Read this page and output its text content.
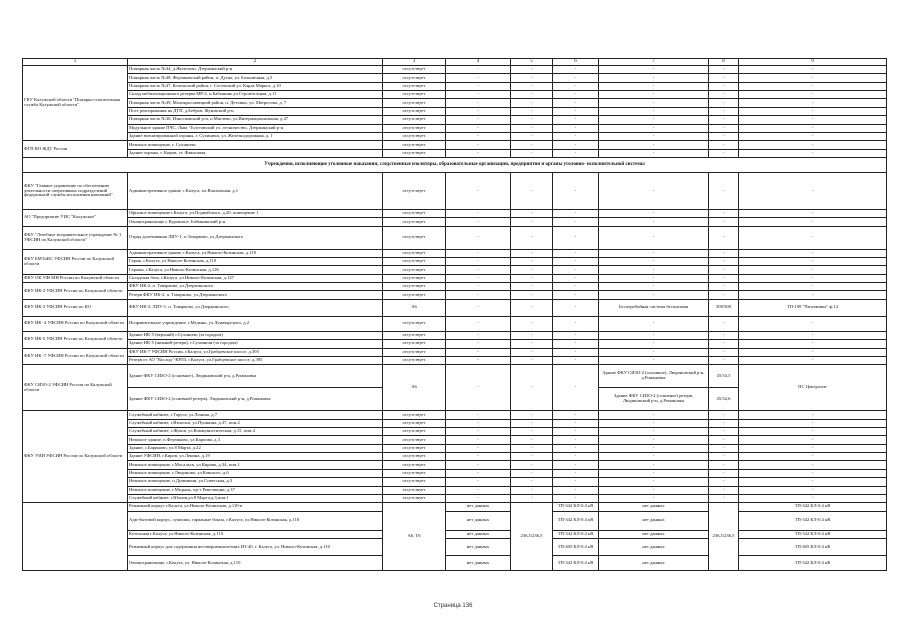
1	2	3	4	5	6	7	8	9
ГКУ Калужской области "Пожарно-спасательная служба Калужской области"	Пожарная часть №44, д.Жилетово, Дзержинский р-н	отсутствует	-	-	-	-	-	-
	Пожарная часть №48, Ферзиковский район, п. Дугна, ул. Больничная, д.5	отсутствует	-	-	-	-	-	-
	Пожарная часть №47, Козельский район, г. Сосенский ул. Карла Маркса, д.10	отсутствует	-	-	-	-	-	-
	Склад мобилизационного резерва МР-2, п.Бабынино,ул.Строительная, д.11	отсутствует	-	-	-	-	-	-
	Пожарная часть №49, Малоярославецкий район, п. Детчино, ул. Матросова, д. 7	отсутствует	-	-	-	-	-	-
	Пост реагирования на ДТП, д.Бебров, Жуковский р-н	отсутствует	-	-	-	-	-	-
	Пожарная часть №36, Износковский р-н, п.Мятлево, ул.Интернациональная, д.47	отсутствует	-	-	-	-	-	-
	Модульное здание ПЧС, Льва -Толстовский ул. лесничество, Дзержинский р-н	отсутствует	-	-	-	-	-	-
	Здание военизированной охраны, г. Сухиничи, ул. Железнодорожная, д. 1	отсутствует	-	-	-	-	-	-
ФГП ВО ЖДТ России	Нежилое помещение, г. Сухиничи	отсутствует	-	-	-	-	-	-
	Здание охраны, г. Киров, ст. Фаянсовая	отсутствует	-	-	-	-	-	-
Учреждения, исполняющие уголовные наказания, следственные изоляторы, образовательные организации, предприятия и органы уголовно- исполнительной системы								
ФКУ "Главное управление по обеспечению деятельности оперативных подразделений федеральной службы исполнения наказаний"	Административное здание, г.Калуга, пл.Вокзальная, д.1	отсутствует	-	-	-	-	-	-
АО "Предприятие УИС "Калужское"	Офисное помещение г.Калуга, ул.Подвойского, д.20, помещение 1	отсутствует	-	-	-	-	-	-
	Овощехранилище с.Куровское, Бабынинский р-н	отсутствует	-	-	-	-	-	-
ФКУ "Лечебное исправительное учреждение № 1 УФСИН по Калужской области"	Отряд долечивания ЛИУ-1, п.Товарково, ул.Дзержинского	отсутствует	-	-	-	-	-	-
ФКУ БМТиВС УФСИН России по Калужской области	Административное здание, г.Калуга, ул.Николо-Козинская, д.110	отсутствует	-	-	-	-	-	-
	Гараж, г.Калуга, ул.Николо-Козинская, д.110	отсутствует	-	-	-	-	-	-
	Гаражи, г.Калуга, ул.Николо-Козинская, д.126	отсутствует	-	-	-	-	-	-
ФКУ ОК УФСИН России по Калужской области	Складская база, г.Калуга, ул.Николо-Козинская, д.127	отсутствует	-	-	-	-	-	-
ФКУ ИК-2 УФСИН России по Калужской области	ФКУ ИК-2, п. Товарково, ул.Дзержинского	отсутствует	-	-	-	-	-	-
	Резерв ФКУ ИК-2, п. Товарково, ул.Дзержинского	отсутствует	-	-	-	-	-	-
ФКУ ИК-3 УФСИН России по КО	ФКУ ИК-3, ЛИУ-1, п. Товарково, ул.Дзержинского	А6	-	-	-	Бесперебойная система бесплатная	500/500	ТП-198 "Питомника" ф.12
ФКУ ИК -4 УФСИН России по Калужской области	Исправительное учреждение, г.Медынь, ул.Луначарского, д.2	отсутствует	-	-	-	-	-	-
ФКУ ИК-5 УФСИН России по Калужской области	Здание ИК-5 (верхний) г.Сухиничи (за городом)	отсутствует	-	-	-	-	-	-
	Здание ИК-5 (нижний-резерв), г.Сухиничи (за городом)	отсутствует	-	-	-	-	-	-
ФКУ ИК -7 УФСИН России по Калужской области	ФКУ ИК-7 УФСИН России, г.Калуга, ул.Грабцевское шоссе, д.395	отсутствует	-	-	-	-	-	-
	Резерв от АО "Восход"-КРЛЗ, г.Калуга, ул.Грабцевское шоссе, д.395	отсутствует	-	-	-	-	-	-
ФКУ СИЗО-2 УФСИН России по Калужской области	Здание ФКУ СИЗО-2 (основное), Людиновский р-н, д.Романовка	А6	-	-	-	Здание ФКУ СИЗО-2 (основное), Людиновский р-н, д.Романовка	45/33,5	ПС Центролит
	Здание ФКУ СИЗО-2 (основной резерв), Людиновский р-н, д.Романовка					Здание ФКУ СИЗО-2 (основное) резерв, Людиновский р-н, д.Романовка	45/32,6	
ФКУ УИИ УФСИН России по Калужской области	Служебный кабинет, г.Таруса, ул.Ленина, д.7	отсутствует	-	-	-	-	-	-
	Служебный кабинет, г.Износки, ул.Пушкина, д.37, пом.2	отсутствует	-	-	-	-	-	-
	Служебный кабинет, г.Жуков, ул.Коммунистическая, д.15, пом.4	отсутствует	-	-	-	-	-	-
	Нежилое здание, п.Ферзиково, ул.Карпова, д.3	отсутствует	-	-	-	-	-	-
	Здание, с.Бариново, ул.8 Марта, д.22	отсутствует	-	-	-	-	-	-
	Здание УФСИН, г.Киров, ул.Ленина, д.19	отсутствует	-	-	-	-	-	-
	Нежилое помещение, г.Мосальск, ул.Кирова, д.34, пом.1	отсутствует	-	-	-	-	-	-
	Нежилое помещение, г.Людиново, ул.Ковского, д.6	отсутствует	-	-	-	-	-	-
	Нежилое помещение, п.Думиничи, ул.Советская, д.3	отсутствует	-	-	-	-	-	-
	Нежилое помещение, г.Медынь, пр-т Революции, д.37	отсутствует	-	-	-	-	-	-
	Служебный кабинет, г.Юхнов,ул.8 Марта,д.3,пом.1	отсутствует	-	-	-	-	-	-
	Режимный корпус г.Калуга, ул.Николо-Козинская, д.110-в	А6, Т6	нет данных	236,5/236,5	ТП-342 КЛ-0.4 кВ	нет данных	236,5/236,5	ТП-342 КЛ-0.4 кВ
	Адм-бытовой корпус, сушилки, гаражные боксы, г.Калуга, ул.Николо-Козинская, д.110		нет данных		ТП-342 КЛ-0.4 кВ	нет данных		ТП-342 КЛ-0.4 кВ
	Котельная г.Калуга, ул.Николо-Козинская, д.110		нет данных		ТП-342 КЛ-0.4 кВ	нет данных		ТП-342 КЛ-0.4 кВ
	Режимный корпус для содержания несовершеннолетних ИЗ-40, г. Калуга, ул. Николо-Козинская, д.110		нет данных		ТП-405 КЛ-0.4 кВ	нет данных		ТП-405 КЛ-0.4 кВ
	Овощехранилище, г.Калуга, ул. Николо-Козинская, д.110		нет данных		ТП-342 КЛ-0.4 кВ	нет данных		ТП-342 КЛ-0.4 кВ
Страница 136
